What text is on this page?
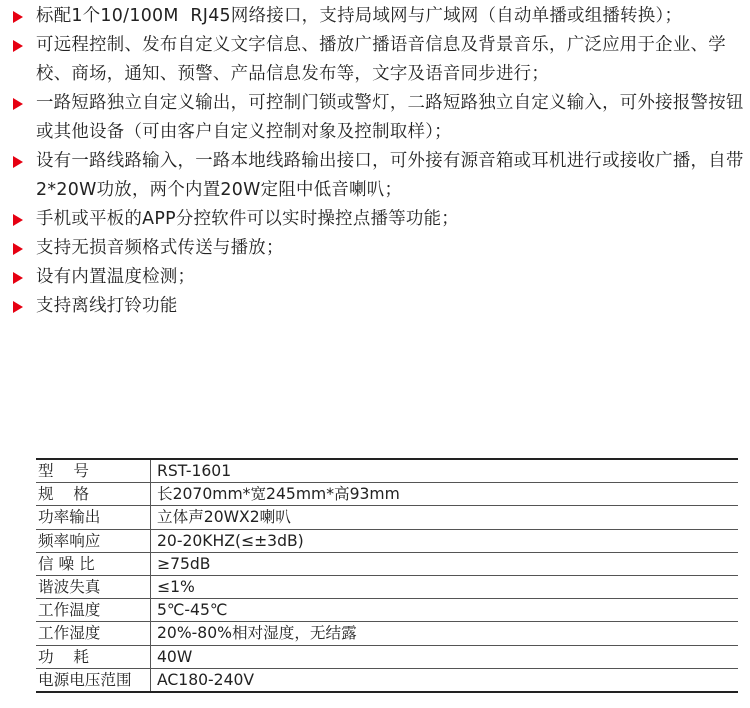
标配1个10/100M  RJ45网络接口，支持局域网与广域网（自动单播或组播转换）；
可远程控制、发布自定义文字信息、播放广播语音信息及背景音乐，广泛应用于企业、学校、商场，通知、预警、产品信息发布等，文字及语音同步进行；
一路短路独立自定义输出，可控制门锁或警灯，二路短路独立自定义输入，可外接报警按钮或其他设备（可由客户自定义控制对象及控制取样）；
设有一路线路输入，一路本地线路输出接口，可外接有源音箱或耳机进行或接收广播，自带2*20W功放，两个内置20W定阻中低音喇叭；
手机或平板的APP分控软件可以实时操控点播等功能；
支持无损音频格式传送与播放；
设有内置温度检测；
支持离线打铃功能
型    号	RST-1601
规    格	长2070mm*宽245mm*高93mm
功率输出	立体声20WX2喇叭
频率响应	20-20KHZ(≤±3dB)
信 噪 比	≥75dB
谐波失真	≤1%
工作温度	5℃-45℃
工作湿度	20%-80%相对湿度，无结露
功    耗	40W
电源电压范围	AC180-240V
